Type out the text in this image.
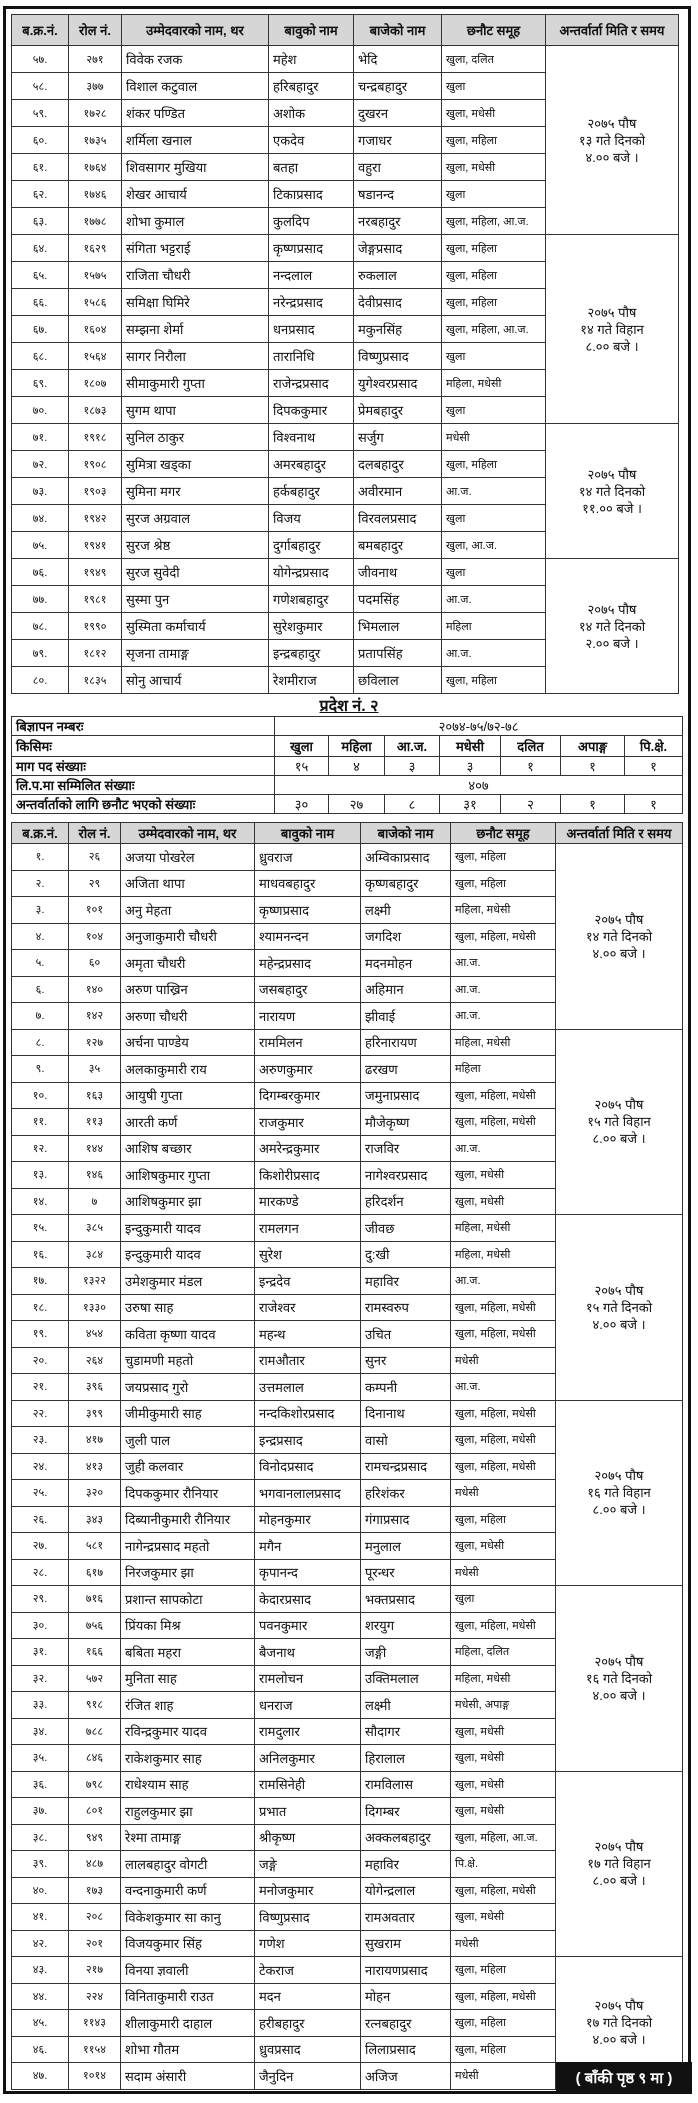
ब.क्र.नं.	रोल नं.	उम्मेदवारको नाम, थर	बावुको नाम	बाजेको नाम	छनौट समूह	अन्तर्वार्ता मिति र समय
५७.	२७१	विवेक रजक	महेश	भेदि	खुला, दलित	२०७५ पौष
१३ गते दिनको
४.०० बजे ।

५८.	३७७	विशाल कटुवाल	हरिबहादुर	चन्द्रबहादुर	खुला	
५९.	१७२८	शंकर पण्डित	अशोक	दुखरन	खुला, मधेसी	
६०.	१७३५	शर्मिला खनाल	एकदेव	गजाधर	खुला, महिला	
६१.	१७६४	शिवसागर मुखिया	बतहा	वहुरा	खुला, मधेसी	
६२.	१७४६	शेखर आचार्य	टिकाप्रसाद	षडानन्द	खुला	
६३.	१७७८	शोभा कुमाल	कुलदिप	नरबहादुर	खुला, महिला, आ.ज.	
६४.	१६२९	संगिता भट्टराई	कृष्णप्रसाद	जेङ्गप्रसाद	खुला, महिला	२०७५ पौष
१४ गते विहान
८.०० बजे ।

६५.	१५७५	राजिता चौधरी	नन्दलाल	रुकलाल	खुला, महिला	
६६.	१५८६	समिक्षा घिमिरे	नरेन्द्रप्रसाद	देवीप्रसाद	खुला, महिला	
६७.	१६०४	सम्झना शेर्मा	धनप्रसाद	मकुनसिंह	खुला, महिला, आ.ज.	
६८.	१५६४	सागर निरौला	तारानिधि	विष्णुप्रसाद	खुला	
६९.	१८०७	सीमाकुमारी गुप्ता	राजेन्द्रप्रसाद	युगेश्वरप्रसाद	महिला, मधेसी	
७०.	१८७३	सुगम थापा	दिपककुमार	प्रेमबहादुर	खुला	
७१.	१९१८	सुनिल ठाकुर	विश्वनाथ	सर्जुग	मधेसी	२०७५ पौष
१४ गते दिनको
११.०० बजे ।

७२.	१९०८	सुमित्रा खड्का	अमरबहादुर	दलबहादुर	खुला, महिला	
७३.	१९०३	सुमिना मगर	हर्कबहादुर	अवीरमान	आ.ज.	
७४.	१९४२	सुरज अग्रवाल	विजय	विरवलप्रसाद	खुला	
७५.	१९४१	सुरज श्रेष्ठ	दुर्गाबहादुर	बमबहादुर	खुला, आ.ज.	
७६.	१९४९	सुरज सुवेदी	योगेन्द्रप्रसाद	जीवनाथ	खुला	२०७५ पौष
१४ गते दिनको
२.०० बजे ।

७७.	१९८१	सुस्मा पुन	गणेशबहादुर	पदमसिंह	आ.ज.	
७८.	१९९०	सुस्मिता कर्माचार्य	सुरेशकुमार	भिमलाल	महिला	
७९.	१८१२	सृजना तामाङ्ग	इन्द्रबहादुर	प्रतापसिंह	आ.ज.	
८०.	१८३५	सोनु आचार्य	रेशमीराज	छविलाल	खुला, महिला	
प्रदेश नं. २
बिज्ञापन नम्बरः	२०७४-७५/७२-७८						
किसिमः	खुला	महिला	आ.ज.	मधेसी	दलित	अपाङ्ग	पि.क्षे.
माग पद संख्याः	१५	४	३	३	१	१	१
लि.प.मा सम्मिलित संख्याः	४०७						
अन्तर्वार्ताको लागि छनौट भएको संख्याः	३०	२७	८	३१	२	१	१
ब.क्र.नं.	रोल नं.	उम्मेदवारको नाम, थर	बावुको नाम	बाजेको नाम	छनौट समूह	अन्तर्वार्ता मिति र समय
१.	२६	अजया पोखरेल	ध्रुवराज	अम्विकाप्रसाद	खुला, महिला	२०७५ पौष
१४ गते दिनको
४.०० बजे ।

२.	२९	अजिता थापा	माधवबहादुर	कृष्णबहादुर	खुला, महिला	
३.	१०१	अनु मेहता	कृष्णप्रसाद	लक्ष्मी	महिला, मधेसी	
४.	१०४	अनुजाकुमारी चौधरी	श्यामनन्दन	जगदिश	खुला, महिला, मधेसी	
५.	६०	अमृता चौधरी	महेन्द्रप्रसाद	मदनमोहन	आ.ज.	
६.	१४०	अरुण पाख्रिन	जसबहादुर	अहिमान	आ.ज.	
७.	१४२	अरुणा चौधरी	नारायण	झीवाई	आ.ज.	
८.	१२७	अर्चना पाण्डेय	राममिलन	हरिनारायण	महिला, मधेसी	२०७५ पौष
१५ गते विहान
८.०० बजे ।

९.	३५	अलकाकुमारी राय	अरुणकुमार	ढरखण	महिला	
१०.	१६३	आयुषी गुप्ता	दिगम्बरकुमार	जमुनाप्रसाद	खुला, महिला, मधेसी	
११.	११३	आरती कर्ण	राजकुमार	मौजेकृष्ण	खुला, महिला, मधेसी	
१२.	१४४	आशिष बच्छार	अमरेन्द्रकुमार	राजविर	आ.ज.	
१३.	१४६	आशिषकुमार गुप्ता	किशोरीप्रसाद	नागेश्वरप्रसाद	खुला, मधेसी	
१४.	७	आशिषकुमार झा	मारकण्डे	हरिदर्शन	खुला, मधेसी	
१५.	३८५	इन्दुकुमारी यादव	रामलगन	जीवछ	महिला, मधेसी	२०७५ पौष
१५ गते दिनको
४.०० बजे ।

१६.	३८४	इन्दुकुमारी यादव	सुरेश	दु:खी	महिला, मधेसी	
१७.	१३२२	उमेशकुमार मंडल	इन्द्रदेव	महाविर	आ.ज.	
१८.	१३३०	उरुषा साह	राजेश्वर	रामस्वरुप	खुला, महिला, मधेसी	
१९.	४५४	कविता कृष्णा यादव	महन्थ	उचित	खुला, महिला, मधेसी	
२०.	२६४	चुडामणी महतो	रामऔतार	सुनर	मधेसी	
२१.	३९६	जयप्रसाद गुरो	उत्तमलाल	कम्पनी	आ.ज.	
२२.	३९९	जीमीकुमारी साह	नन्दकिशोरप्रसाद	दिनानाथ	खुला, महिला, मधेसी	२०७५ पौष
१६ गते विहान
८.०० बजे ।

२३.	४१७	जुली पाल	इन्द्रप्रसाद	वासो	खुला, महिला, मधेसी	
२४.	४१३	जुही कलवार	विनोदप्रसाद	रामचन्द्रप्रसाद	खुला, महिला, मधेसी	
२५.	३२०	दिपककुमार रौनियार	भगवानलालप्रसाद	हरिशंकर	मधेसी	
२६.	३४३	दिब्यानीकुमारी रौनियार	मोहनकुमार	गंगाप्रसाद	खुला, महिला	
२७.	५८१	नागेन्द्रप्रसाद महतो	मगैन	मनुलाल	खुला, मधेसी	
२८.	६१७	निरजकुमार झा	कृपानन्द	पूरन्धर	मधेसी	
२९.	७१६	प्रशान्त सापकोटा	केदारप्रसाद	भक्तप्रसाद	खुला	२०७५ पौष
१६ गते दिनको
४.०० बजे ।

३०.	७५६	प्रिंयका मिश्र	पवनकुमार	शरयुग	खुला, महिला, मधेसी	
३१.	१६६	बबिता महरा	बैजनाथ	जङ्गी	महिला, दलित	
३२.	५७२	मुनिता साह	रामलोचन	उक्तिमलाल	महिला, मधेसी	
३३.	९१८	रंजित शाह	धनराज	लक्ष्मी	मधेसी, अपाङ्ग	
३४.	७८८	रविन्द्रकुमार यादव	रामदुलार	सौदागर	खुला, मधेसी	
३५.	८४६	राकेशकुमार साह	अनिलकुमार	हिरालाल	खुला, मधेसी	
३६.	७९८	राधेश्याम साह	रामसिनेही	रामविलास	खुला, मधेसी	२०७५ पौष
१७ गते विहान
८.०० बजे ।

३७.	८०१	राहुलकुमार झा	प्रभात	दिगम्बर	खुला, मधेसी	
३८.	९४९	रेश्मा तामाङ्ग	श्रीकृष्ण	अक्कलबहादुर	खुला, महिला, आ.ज.	
३९.	४८७	लालबहादुर वोगटी	जङ्गे	महाविर	पि.क्षे.	
४०.	१७३	वन्दनाकुमारी कर्ण	मनोजकुमार	योगेन्द्रलाल	खुला, महिला, मधेसी	
४१.	२०८	विकेशकुमार सा कानु	विष्णुप्रसाद	रामअवतार	खुला, मधेसी	
४२.	२०१	विजयकुमार सिंह	गणेश	सुखराम	मधेसी	
४३.	२१७	विनया ज्ञवाली	टेकराज	नारायणप्रसाद	खुला, महिला	२०७५ पौष
१७ गते दिनको
४.०० बजे ।

४४.	२२४	विनिताकुमारी राउत	मदन	मोहन	खुला, महिला, मधेसी	
४५.	११४३	शीलाकुमारी दाहाल	हरीबहादुर	रत्नबहादुर	खुला, महिला	
४६.	११५४	शोभा गौतम	ध्रुवप्रसाद	लिलाप्रसाद	खुला, महिला	
४७.	१०१४	सदाम अंसारी	जैनुदिन	अजिज	मधेसी		( बाँकी पृष्ठ ९ मा )
